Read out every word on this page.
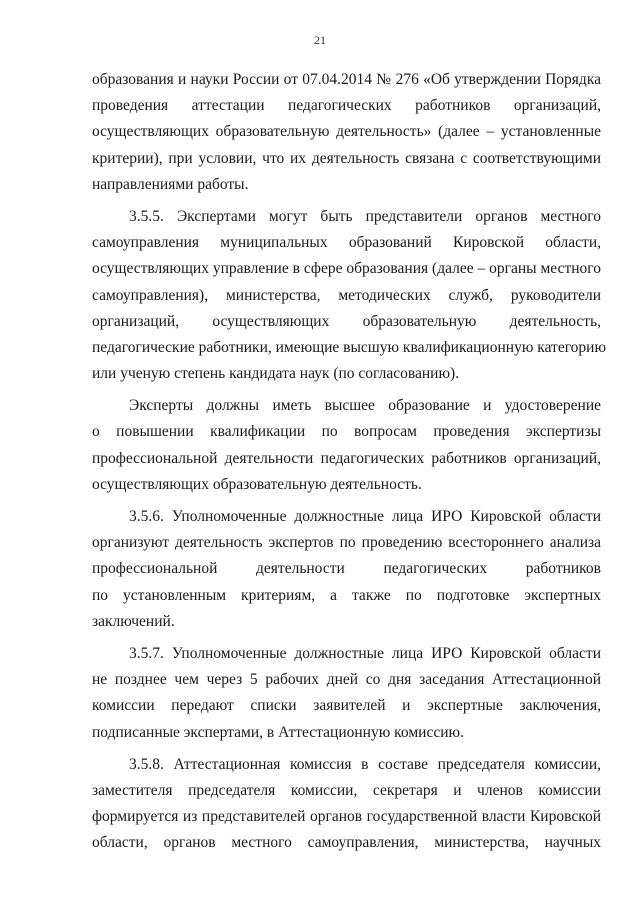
21
образования и науки России от 07.04.2014 № 276 «Об утверждении Порядка
проведения аттестации педагогических работников организаций,
осуществляющих образовательную деятельность» (далее – установленные
критерии), при условии, что их деятельность связана с соответствующими
направлениями работы.
3.5.5. Экспертами могут быть представители органов местного
самоуправления муниципальных образований Кировской области,
осуществляющих управление в сфере образования (далее – органы местного
самоуправления), министерства, методических служб, руководители
организаций, осуществляющих образовательную деятельность,
педагогические работники, имеющие высшую квалификационную категорию
или ученую степень кандидата наук (по согласованию).
Эксперты должны иметь высшее образование и удостоверение
о повышении квалификации по вопросам проведения экспертизы
профессиональной деятельности педагогических работников организаций,
осуществляющих образовательную деятельность.
3.5.6. Уполномоченные должностные лица ИРО Кировской области
организуют деятельность экспертов по проведению всестороннего анализа
профессиональной деятельности педагогических работников
по установленным критериям, а также по подготовке экспертных
заключений.
3.5.7. Уполномоченные должностные лица ИРО Кировской области
не позднее чем через 5 рабочих дней со дня заседания Аттестационной
комиссии передают списки заявителей и экспертные заключения,
подписанные экспертами, в Аттестационную комиссию.
3.5.8. Аттестационная комиссия в составе председателя комиссии,
заместителя председателя комиссии, секретаря и членов комиссии
формируется из представителей органов государственной власти Кировской
области, органов местного самоуправления, министерства, научных
